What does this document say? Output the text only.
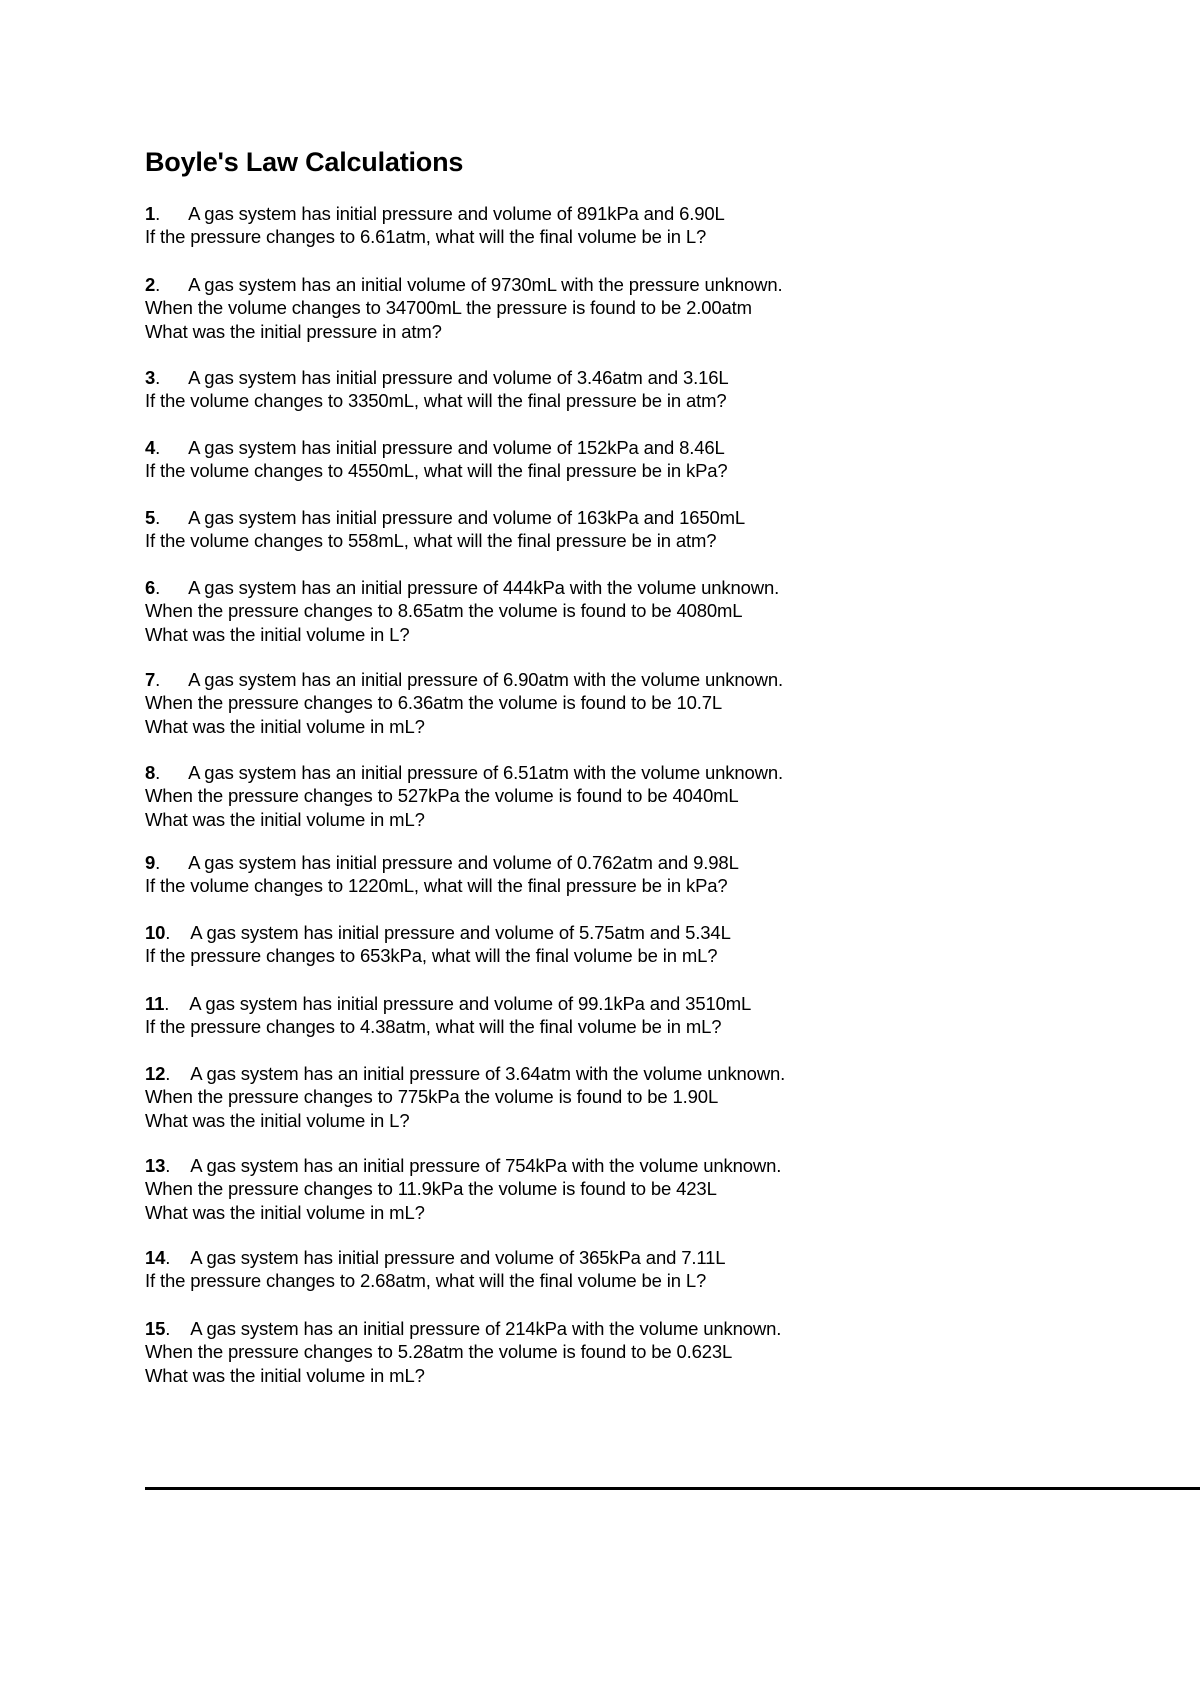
Boyle's Law Calculations
1. A gas system has initial pressure and volume of 891kPa and 6.90L
If the pressure changes to 6.61atm, what will the final volume be in L?
2. A gas system has an initial volume of 9730mL with the pressure unknown.
When the volume changes to 34700mL the pressure is found to be 2.00atm
What was the initial pressure in atm?
3. A gas system has initial pressure and volume of 3.46atm and 3.16L
If the volume changes to 3350mL, what will the final pressure be in atm?
4. A gas system has initial pressure and volume of 152kPa and 8.46L
If the volume changes to 4550mL, what will the final pressure be in kPa?
5. A gas system has initial pressure and volume of 163kPa and 1650mL
If the volume changes to 558mL, what will the final pressure be in atm?
6. A gas system has an initial pressure of 444kPa with the volume unknown.
When the pressure changes to 8.65atm the volume is found to be 4080mL
What was the initial volume in L?
7. A gas system has an initial pressure of 6.90atm with the volume unknown.
When the pressure changes to 6.36atm the volume is found to be 10.7L
What was the initial volume in mL?
8. A gas system has an initial pressure of 6.51atm with the volume unknown.
When the pressure changes to 527kPa the volume is found to be 4040mL
What was the initial volume in mL?
9. A gas system has initial pressure and volume of 0.762atm and 9.98L
If the volume changes to 1220mL, what will the final pressure be in kPa?
10. A gas system has initial pressure and volume of 5.75atm and 5.34L
If the pressure changes to 653kPa, what will the final volume be in mL?
11. A gas system has initial pressure and volume of 99.1kPa and 3510mL
If the pressure changes to 4.38atm, what will the final volume be in mL?
12. A gas system has an initial pressure of 3.64atm with the volume unknown.
When the pressure changes to 775kPa the volume is found to be 1.90L
What was the initial volume in L?
13. A gas system has an initial pressure of 754kPa with the volume unknown.
When the pressure changes to 11.9kPa the volume is found to be 423L
What was the initial volume in mL?
14. A gas system has initial pressure and volume of 365kPa and 7.11L
If the pressure changes to 2.68atm, what will the final volume be in L?
15. A gas system has an initial pressure of 214kPa with the volume unknown.
When the pressure changes to 5.28atm the volume is found to be 0.623L
What was the initial volume in mL?
